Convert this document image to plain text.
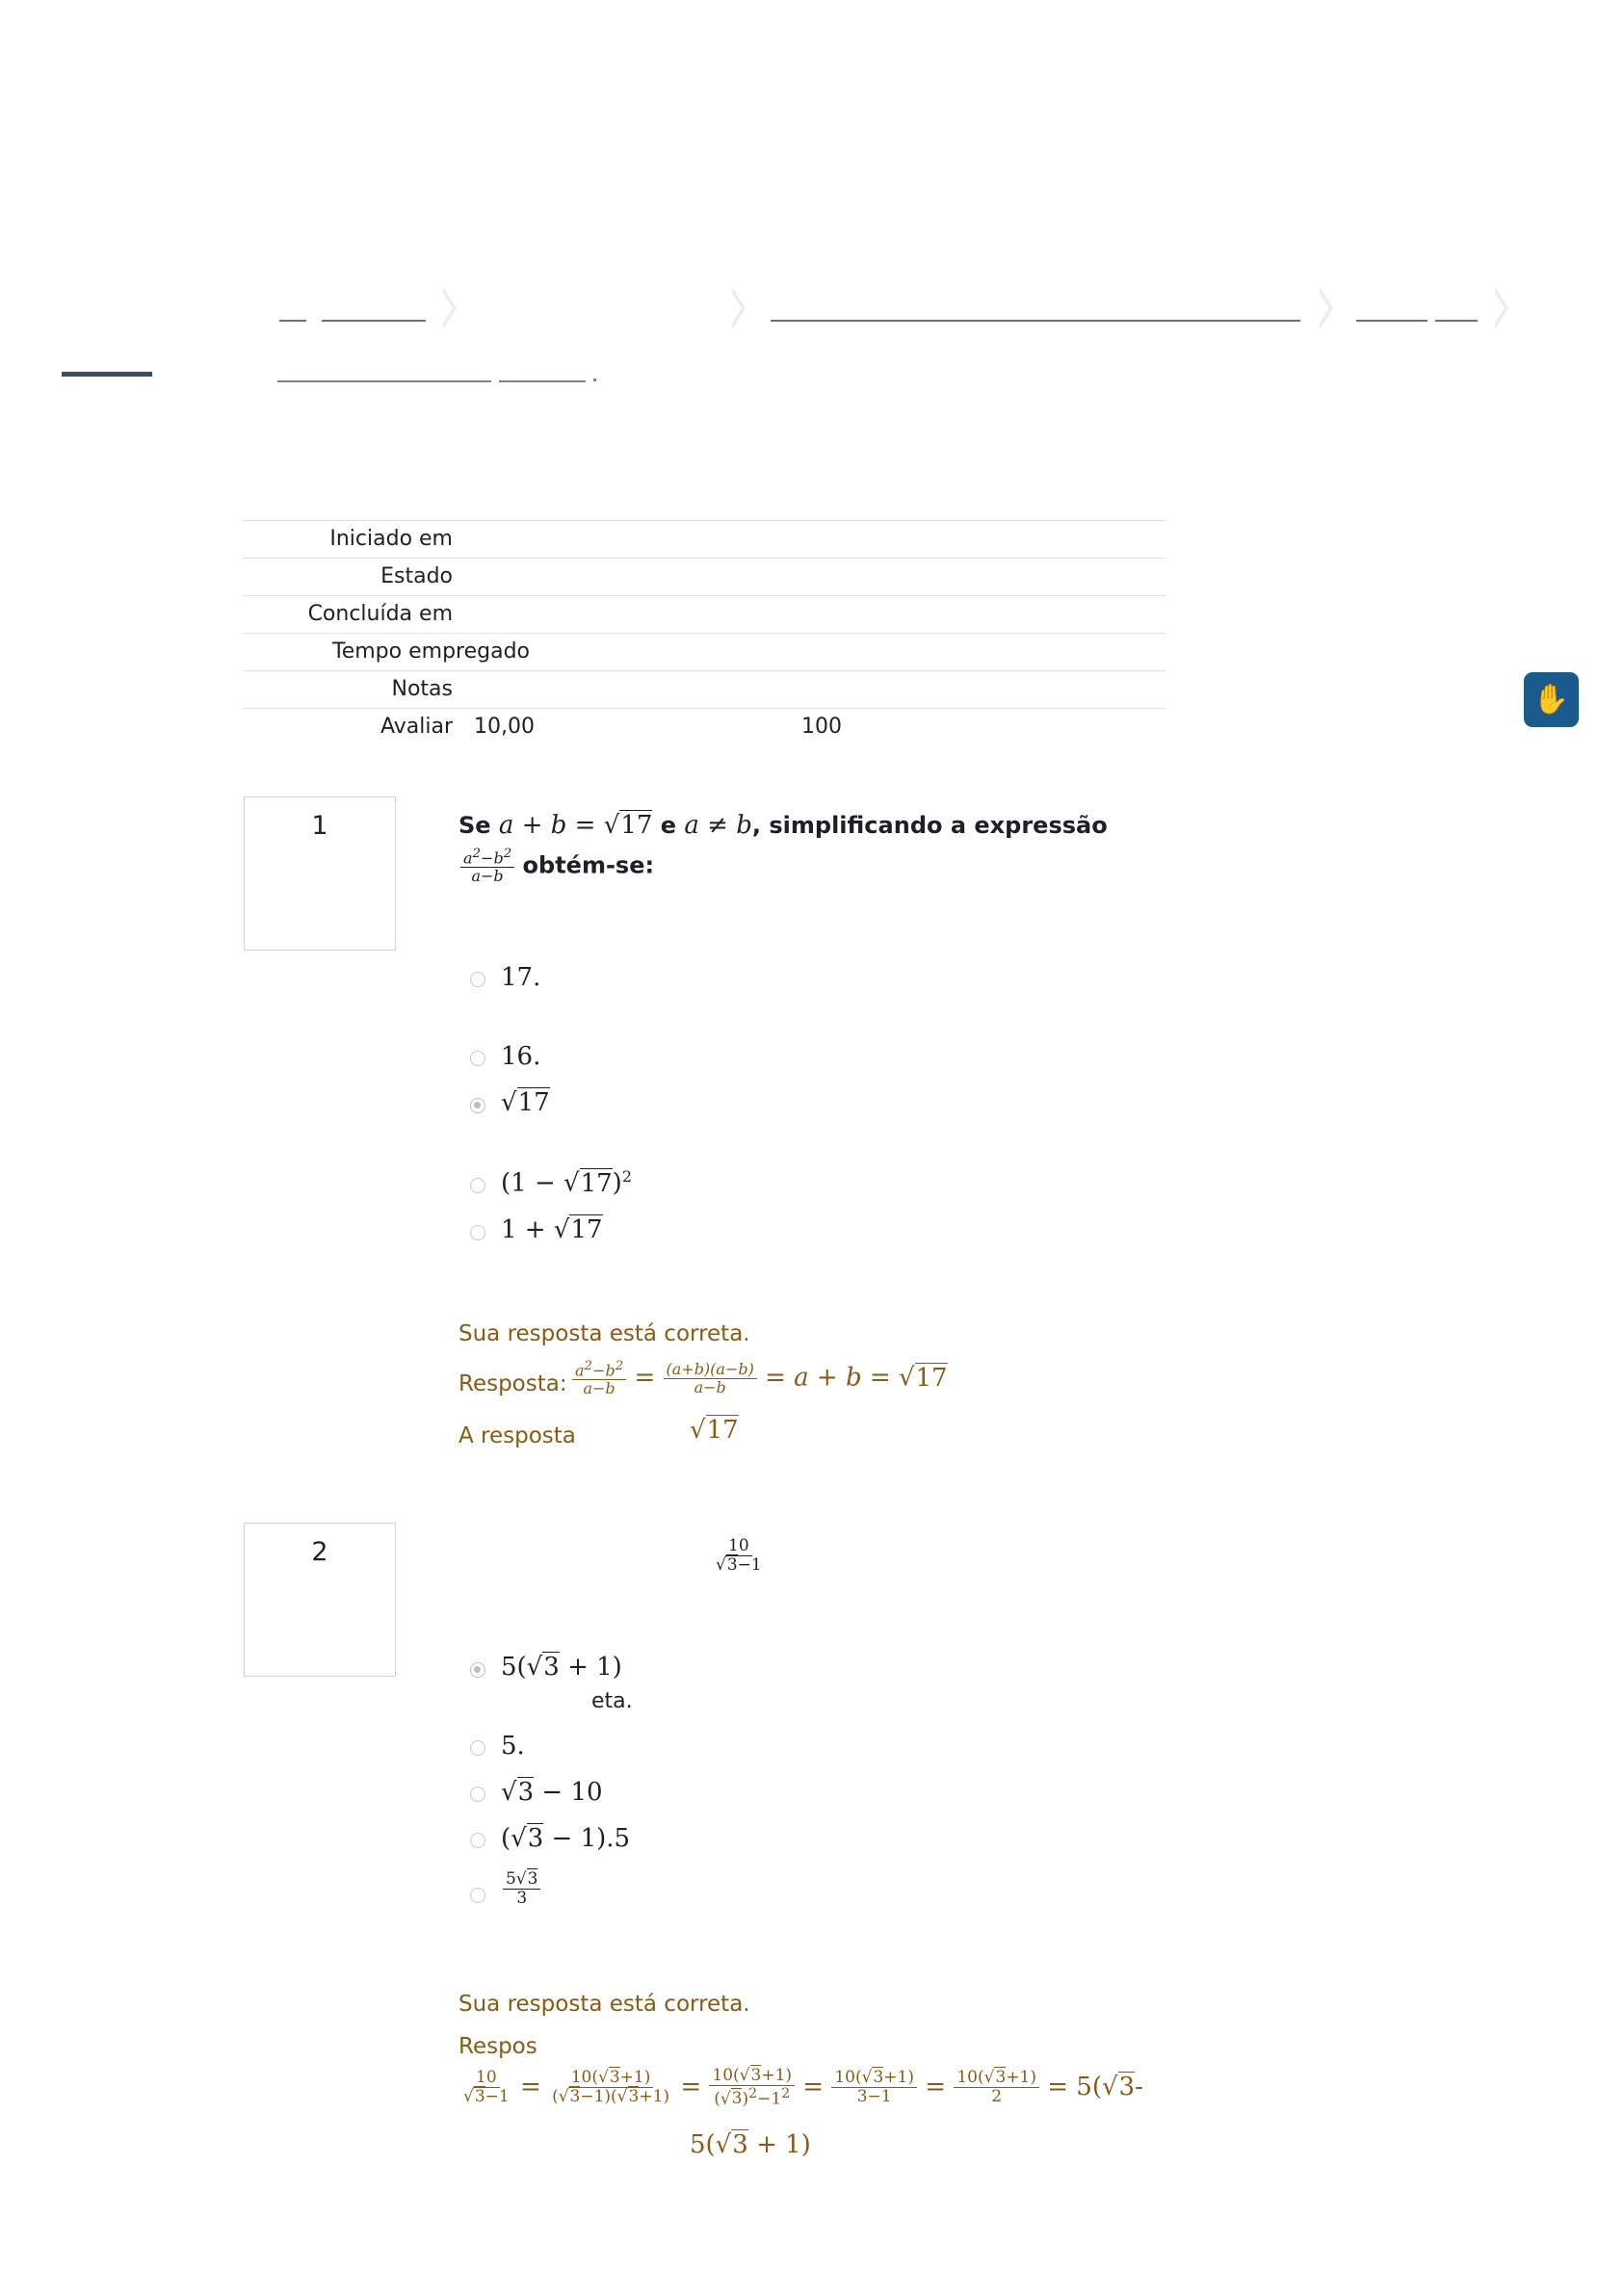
✋
Iniciado em
Estado
Concluída em
Tempo empregado
Notas
Avaliar 10,00	100
1	Se a + b = √17 e a ≠ b, simplificando a expressão
$\frac{a^2-b^2}{a-b}$ obtém-se:
17.
16.
√17
$(1 - √17)^2$
1 + √17
Sua resposta está correta.
Resposta: $\frac{a^2-b^2}{a-b} = \frac{(a+b)(a-b)}{a-b} = a + b = √17$
A resposta	√17
2	$\frac{10}{√3-1}$
5(√3 + 1)
eta.
5.
√3 − 10
(√3 − 1).5
$\frac{5√3}{3}$
Sua resposta está correta.
Respos
$\frac{10}{√3-1} = \frac{10(√3+1)}{(√3-1)(√3+1)} = \frac{10(√3+1)}{(√3)^2-1^2} = \frac{10(√3+1)}{3-1} = \frac{10(√3+1)}{2} = 5(√3-$
5(√3 + 1)
